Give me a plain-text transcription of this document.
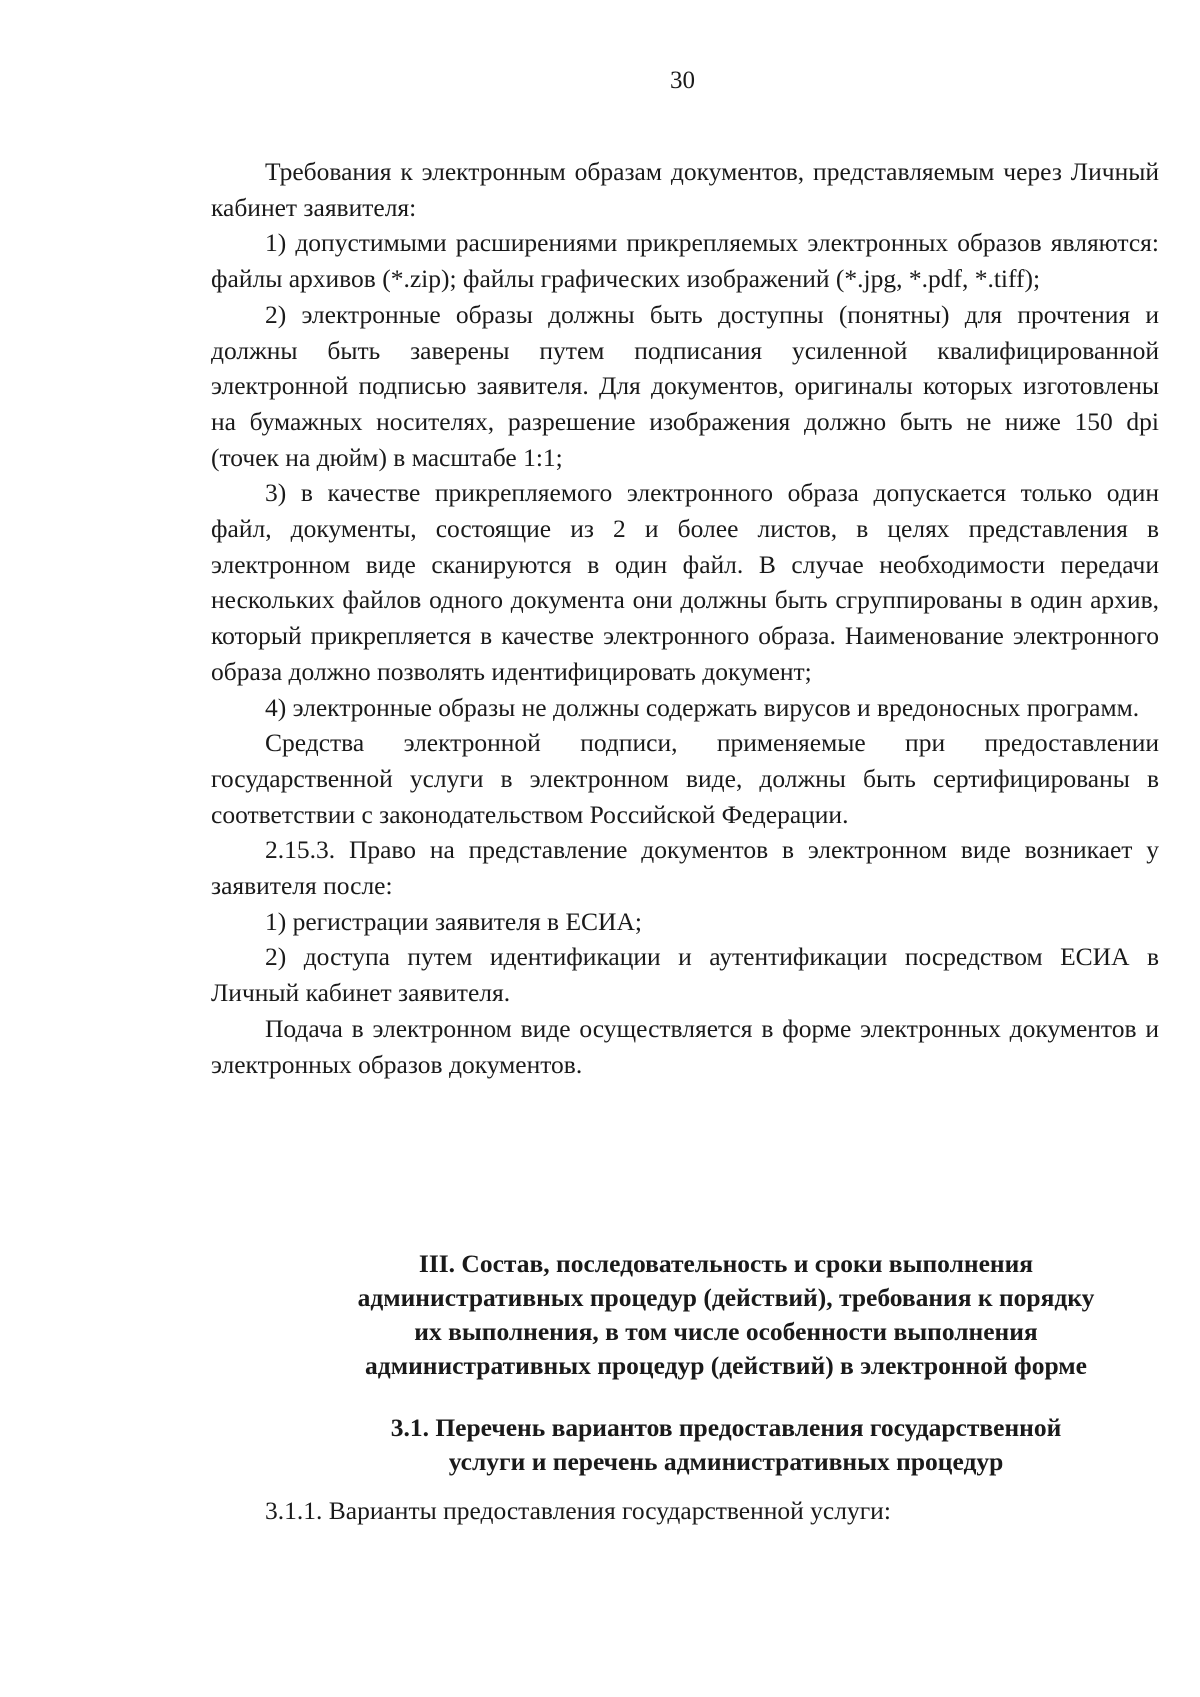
30

Требования к электронным образам документов, представляемым через Личный кабинет заявителя:

1) допустимыми расширениями прикрепляемых электронных образов являются: файлы архивов (*.zip); файлы графических изображений (*.jpg, *.pdf, *.tiff);

2) электронные образы должны быть доступны (понятны) для прочтения и должны быть заверены путем подписания усиленной квалифицированной электронной подписью заявителя. Для документов, оригиналы которых изготовлены на бумажных носителях, разрешение изображения должно быть не ниже 150 dpi (точек на дюйм) в масштабе 1:1;

3) в качестве прикрепляемого электронного образа допускается только один файл, документы, состоящие из 2 и более листов, в целях представления в электронном виде сканируются в один файл. В случае необходимости передачи нескольких файлов одного документа они должны быть сгруппированы в один архив, который прикрепляется в качестве электронного образа. Наименование электронного образа должно позволять идентифицировать документ;

4) электронные образы не должны содержать вирусов и вредоносных программ.

Средства электронной подписи, применяемые при предоставлении государственной услуги в электронном виде, должны быть сертифицированы в соответствии с законодательством Российской Федерации.

2.15.3. Право на представление документов в электронном виде возникает у заявителя после:

1) регистрации заявителя в ЕСИА;

2) доступа путем идентификации и аутентификации посредством ЕСИА в Личный кабинет заявителя.

Подача в электронном виде осуществляется в форме электронных документов и электронных образов документов.

III. Состав, последовательность и сроки выполнения
административных процедур (действий), требования к порядку
их выполнения, в том числе особенности выполнения
административных процедур (действий) в электронной форме
3.1. Перечень вариантов предоставления государственной
услуги и перечень административных процедур

3.1.1. Варианты предоставления государственной услуги:
